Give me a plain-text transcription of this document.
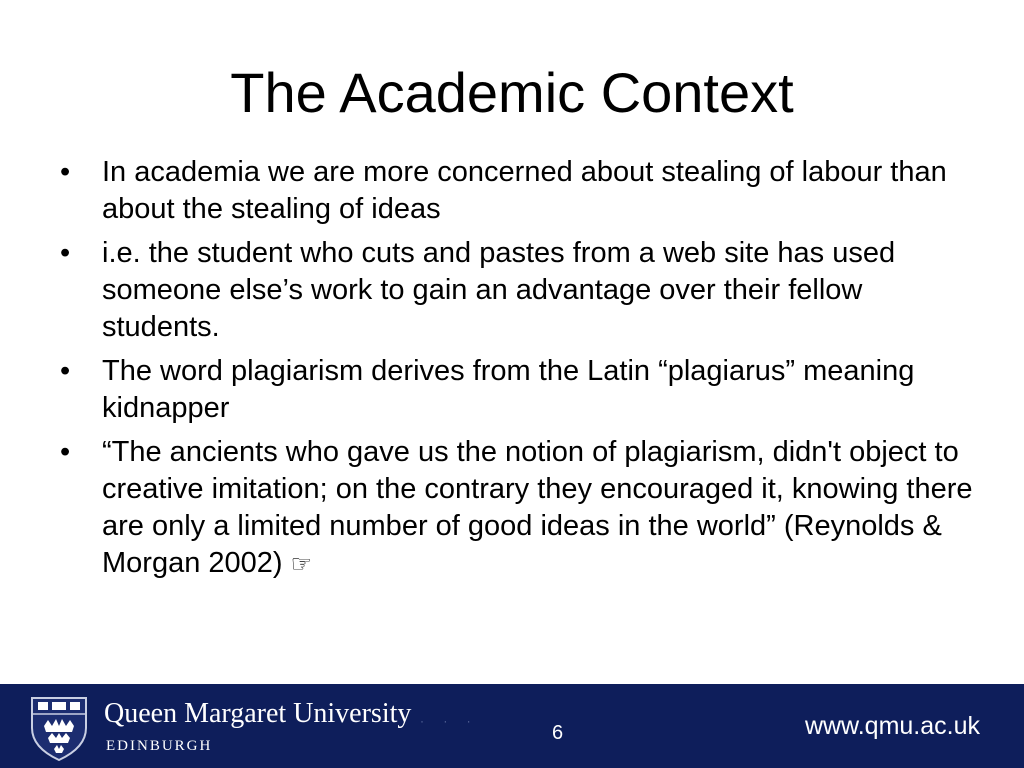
The Academic Context
• In academia we are more concerned about stealing of labour than about the stealing of ideas
• i.e. the student who cuts and pastes from a web site has used someone else’s work to gain an advantage over their fellow students.
• The word plagiarism derives from the Latin “plagiarus” meaning kidnapper
• “The ancients who gave us the notion of plagiarism, didn't object to creative imitation; on the contrary they encouraged it, knowing there are only a limited number of good ideas in the world” (Reynolds & Morgan 2002) ☞
Queen Margaret University
EDINBURGH
· · ·
6	www.qmu.ac.uk
